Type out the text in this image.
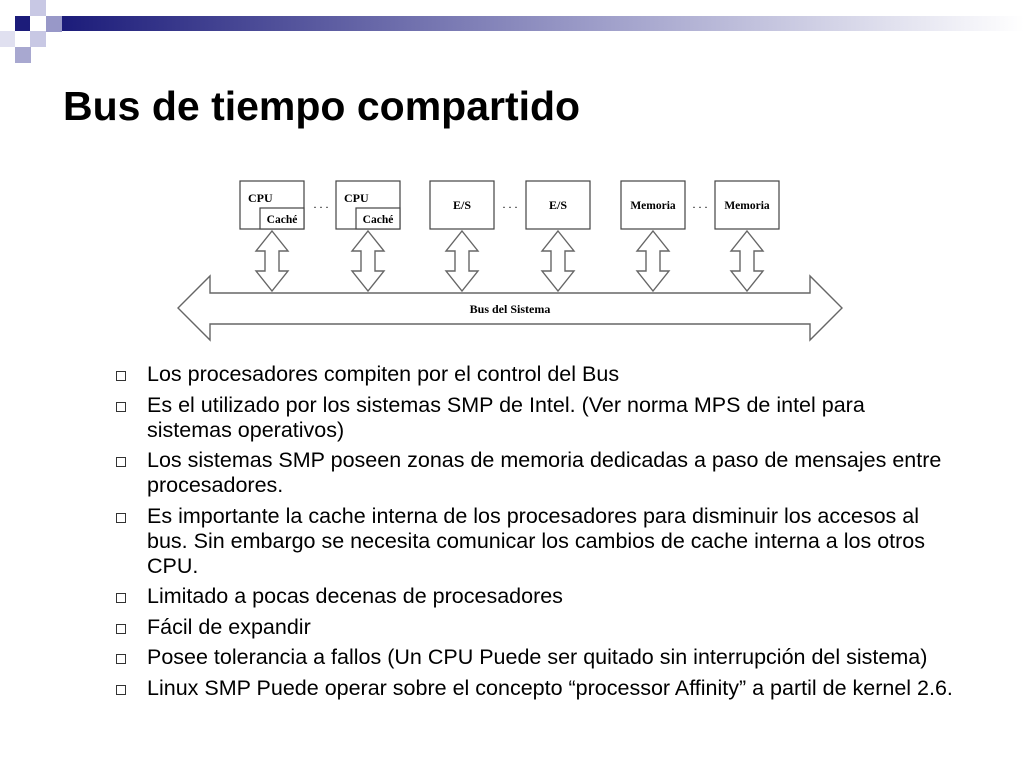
Bus de tiempo compartido
CPU
Caché
. . . CPU
Caché
E/S	. . .	E/S	Memoria . . . Memoria
Bus del Sistema
Los procesadores compiten por el control del Bus
Es el utilizado por los sistemas SMP de Intel. (Ver norma MPS de intel para sistemas operativos)
Los sistemas SMP poseen zonas de memoria dedicadas a paso de mensajes entre procesadores.
Es importante la cache interna de los procesadores para disminuir los accesos al bus. Sin embargo se necesita comunicar los cambios de cache interna a los otros CPU.
Limitado a pocas decenas de procesadores
Fácil de expandir
Posee tolerancia a fallos (Un CPU Puede ser quitado sin interrupción del sistema)
Linux SMP Puede operar sobre el concepto “processor Affinity” a partil de kernel 2.6.
